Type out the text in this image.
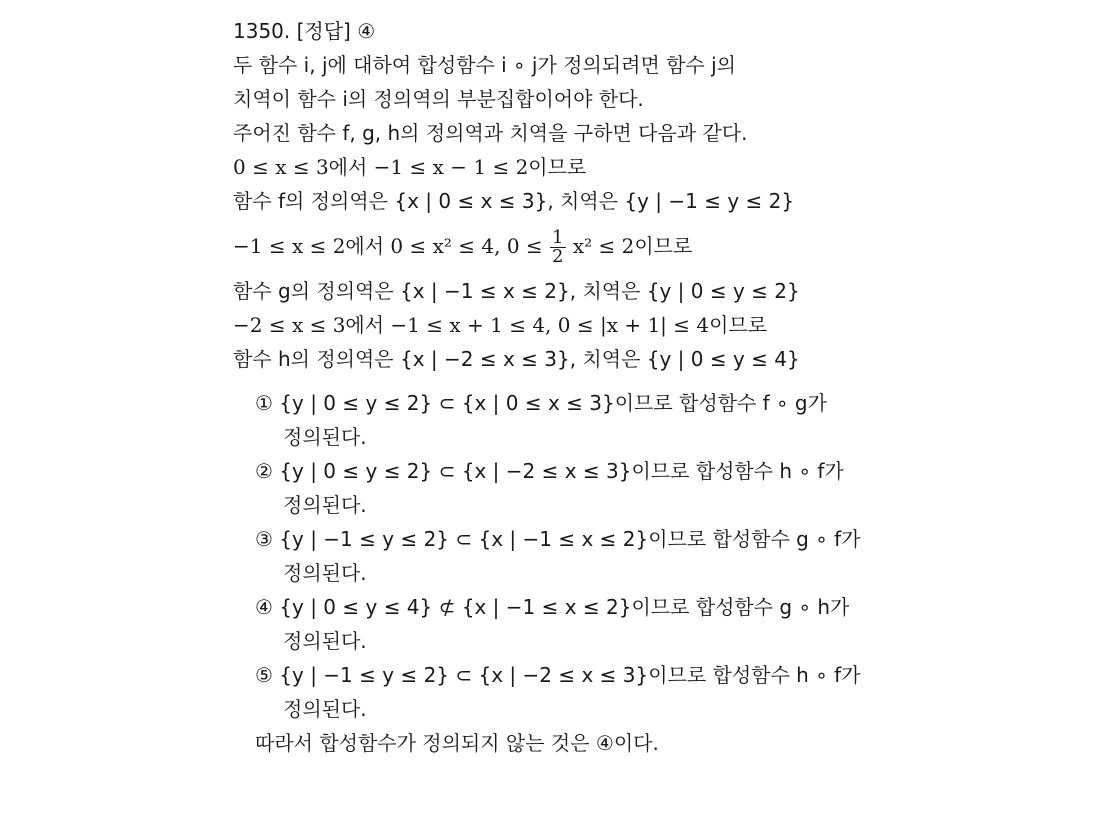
1350. [정답] ④
두 함수 i, j에 대하여 합성함수 i ∘ j가 정의되려면 함수 j의
치역이 함수 i의 정의역의 부분집합이어야 한다.
주어진 함수 f, g, h의 정의역과 치역을 구하면 다음과 같다.
0 ≤ x ≤ 3에서 −1 ≤ x − 1 ≤ 2이므로
함수 f의 정의역은 {x | 0 ≤ x ≤ 3}, 치역은 {y | −1 ≤ y ≤ 2}
−1 ≤ x ≤ 2에서 0 ≤ x² ≤ 4, $0 \le \frac{1}{2} x^2 \le 2$이므로
함수 g의 정의역은 {x | −1 ≤ x ≤ 2}, 치역은 {y | 0 ≤ y ≤ 2}
−2 ≤ x ≤ 3에서 −1 ≤ x + 1 ≤ 4, 0 ≤ |x + 1| ≤ 4이므로
함수 h의 정의역은 {x | −2 ≤ x ≤ 3}, 치역은 {y | 0 ≤ y ≤ 4}
① {y | 0 ≤ y ≤ 2} ⊂ {x | 0 ≤ x ≤ 3}이므로 합성함수 f ∘ g가
정의된다.
② {y | 0 ≤ y ≤ 2} ⊂ {x | −2 ≤ x ≤ 3}이므로 합성함수 h ∘ f가
정의된다.
③ {y | −1 ≤ y ≤ 2} ⊂ {x | −1 ≤ x ≤ 2}이므로 합성함수 g ∘ f가
정의된다.
④ {y | 0 ≤ y ≤ 4} ⊄ {x | −1 ≤ x ≤ 2}이므로 합성함수 g ∘ h가
정의된다.
⑤ {y | −1 ≤ y ≤ 2} ⊂ {x | −2 ≤ x ≤ 3}이므로 합성함수 h ∘ f가
정의된다.
따라서 합성함수가 정의되지 않는 것은 ④이다.
